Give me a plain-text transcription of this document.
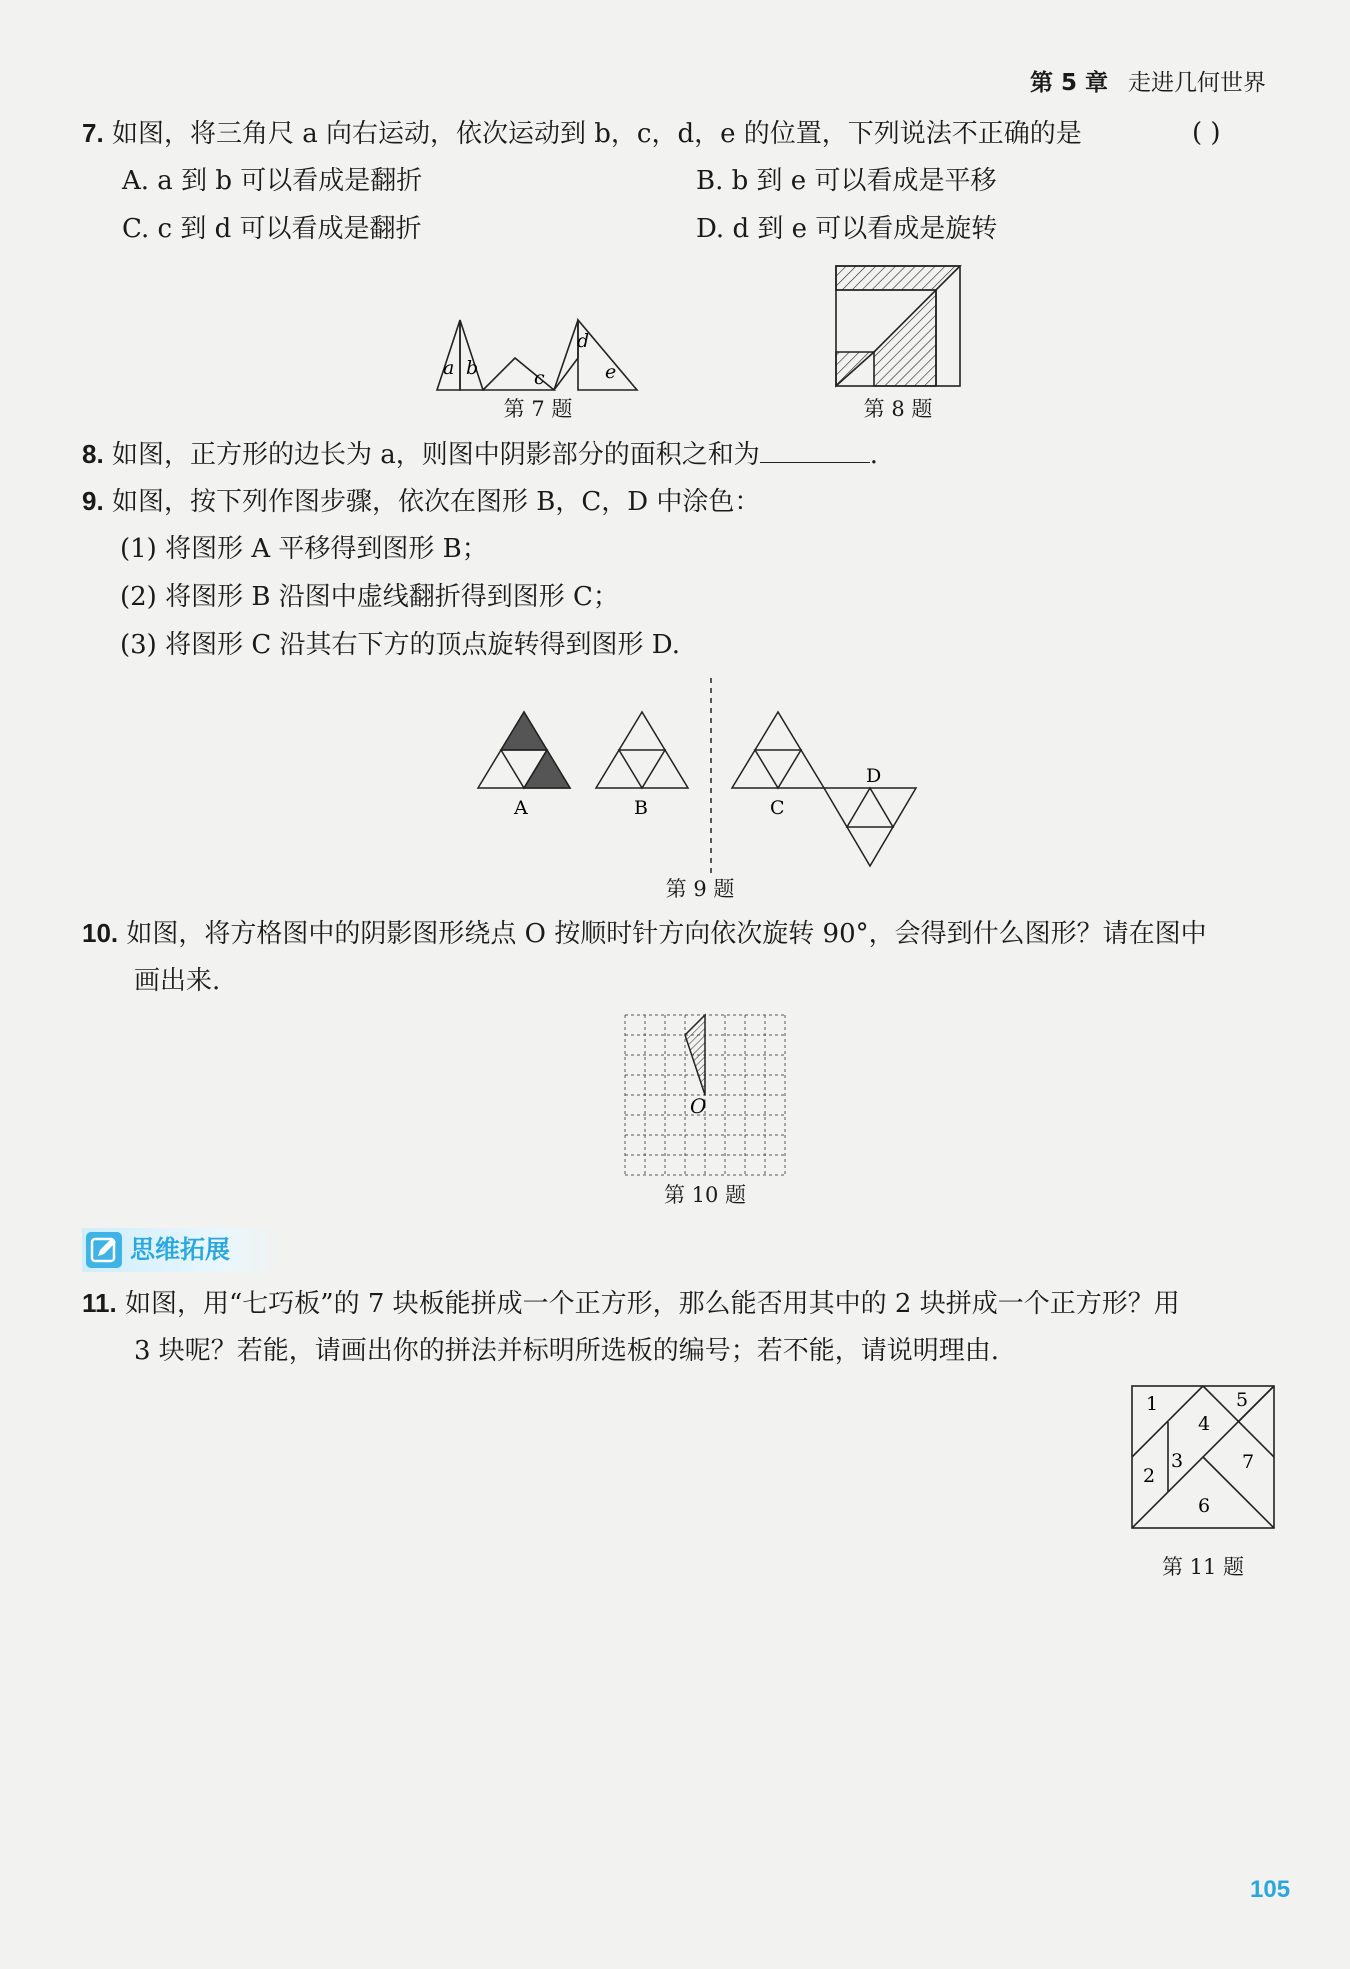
第 5 章 走进几何世界
7. 如图，将三角尺 a 向右运动，依次运动到 b，c，d，e 的位置，下列说法不正确的是	( )
A. a 到 b 可以看成是翻折	B. b 到 e 可以看成是平移
C. c 到 d 可以看成是翻折	D. d 到 e 可以看成是旋转
a b	c
d
e
第 7 题	第 8 题
8. 如图，正方形的边长为 a，则图中阴影部分的面积之和为	.
9. 如图，按下列作图步骤，依次在图形 B，C，D 中涂色：
(1) 将图形 A 平移得到图形 B；
(2) 将图形 B 沿图中虚线翻折得到图形 C；
(3) 将图形 C 沿其右下方的顶点旋转得到图形 D.
A	B	C
D
第 9 题
10. 如图，将方格图中的阴影图形绕点 O 按顺时针方向依次旋转 90°，会得到什么图形？请在图中
画出来.
O
第 10 题
思维拓展
11. 如图，用“七巧板”的 7 块板能拼成一个正方形，那么能否用其中的 2 块拼成一个正方形？用
3 块呢？若能，请画出你的拼法并标明所选板的编号；若不能，请说明理由.
1
2
3
4
5
6
7
第 11 题
105
